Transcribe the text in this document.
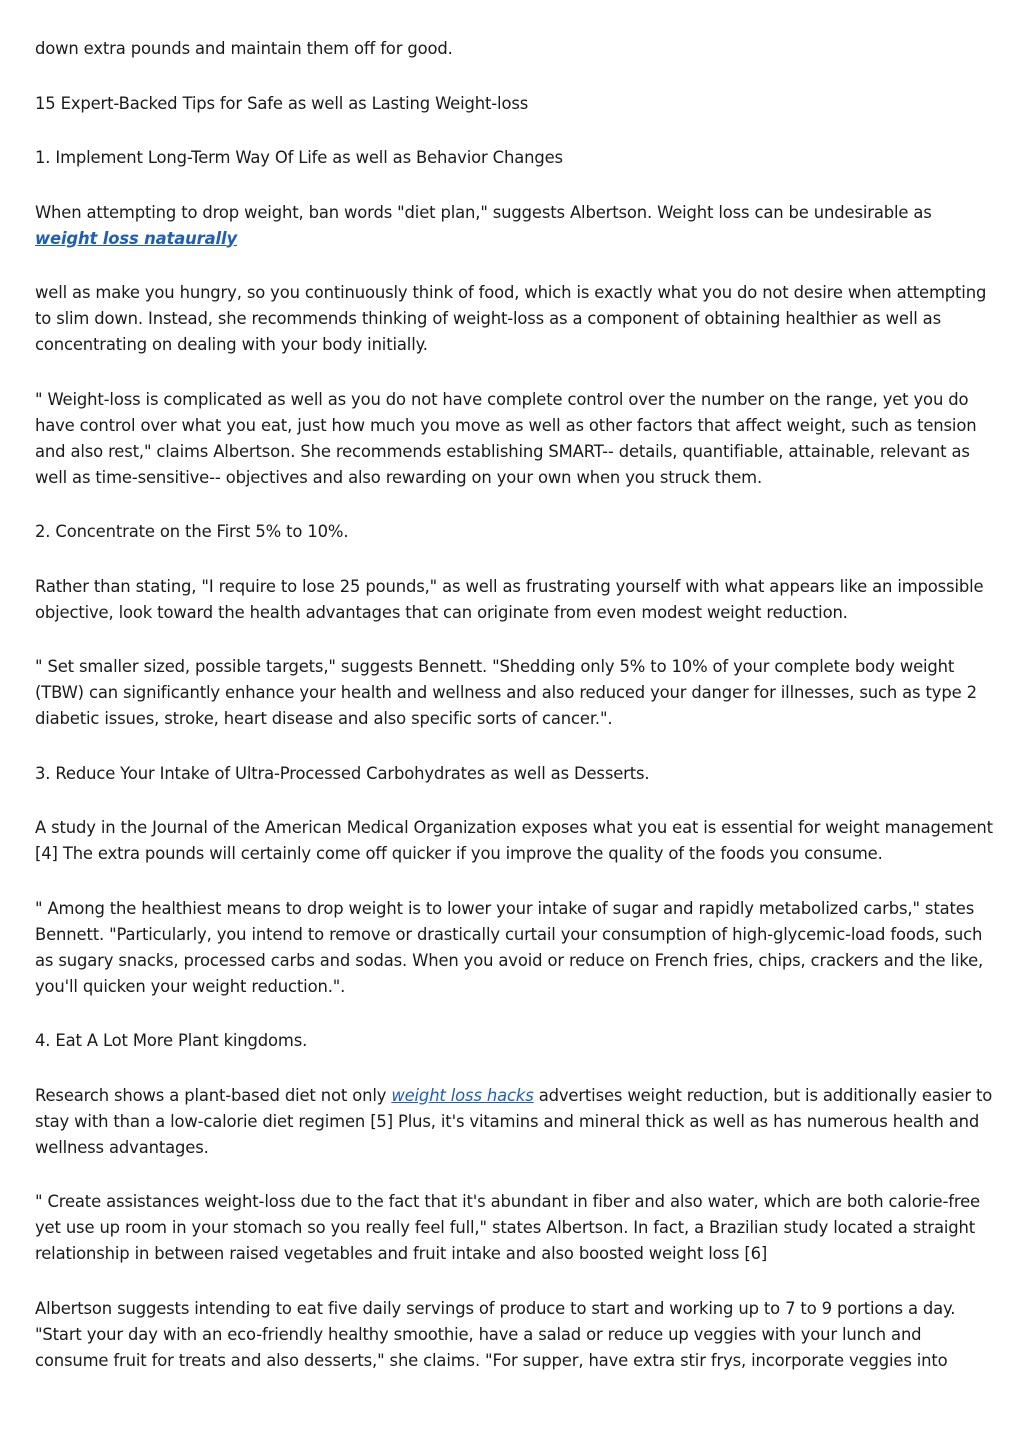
down extra pounds and maintain them off for good.

15 Expert-Backed Tips for Safe as well as Lasting Weight-loss

1. Implement Long-Term Way Of Life as well as Behavior Changes

When attempting to drop weight, ban words "diet plan," suggests Albertson. Weight loss can be undesirable as weight loss nataurally

well as make you hungry, so you continuously think of food, which is exactly what you do not desire when attempting to slim down. Instead, she recommends thinking of weight-loss as a component of obtaining healthier as well as concentrating on dealing with your body initially.

" Weight-loss is complicated as well as you do not have complete control over the number on the range, yet you do have control over what you eat, just how much you move as well as other factors that affect weight, such as tension and also rest," claims Albertson. She recommends establishing SMART-- details, quantifiable, attainable, relevant as well as time-sensitive-- objectives and also rewarding on your own when you struck them.

2. Concentrate on the First 5% to 10%.

Rather than stating, "I require to lose 25 pounds," as well as frustrating yourself with what appears like an impossible objective, look toward the health advantages that can originate from even modest weight reduction.

" Set smaller sized, possible targets," suggests Bennett. "Shedding only 5% to 10% of your complete body weight (TBW) can significantly enhance your health and wellness and also reduced your danger for illnesses, such as type 2 diabetic issues, stroke, heart disease and also specific sorts of cancer.".

3. Reduce Your Intake of Ultra-Processed Carbohydrates as well as Desserts.

A study in the Journal of the American Medical Organization exposes what you eat is essential for weight management [4] The extra pounds will certainly come off quicker if you improve the quality of the foods you consume.

" Among the healthiest means to drop weight is to lower your intake of sugar and rapidly metabolized carbs," states Bennett. "Particularly, you intend to remove or drastically curtail your consumption of high-glycemic-load foods, such as sugary snacks, processed carbs and sodas. When you avoid or reduce on French fries, chips, crackers and the like, you'll quicken your weight reduction.".

4. Eat A Lot More Plant kingdoms.

Research shows a plant-based diet not only weight loss hacks advertises weight reduction, but is additionally easier to stay with than a low-calorie diet regimen [5] Plus, it's vitamins and mineral thick as well as has numerous health and wellness advantages.

" Create assistances weight-loss due to the fact that it's abundant in fiber and also water, which are both calorie-free yet use up room in your stomach so you really feel full," states Albertson. In fact, a Brazilian study located a straight relationship in between raised vegetables and fruit intake and also boosted weight loss [6]

Albertson suggests intending to eat five daily servings of produce to start and working up to 7 to 9 portions a day. "Start your day with an eco-friendly healthy smoothie, have a salad or reduce up veggies with your lunch and consume fruit for treats and also desserts," she claims. "For supper, have extra stir frys, incorporate veggies into
